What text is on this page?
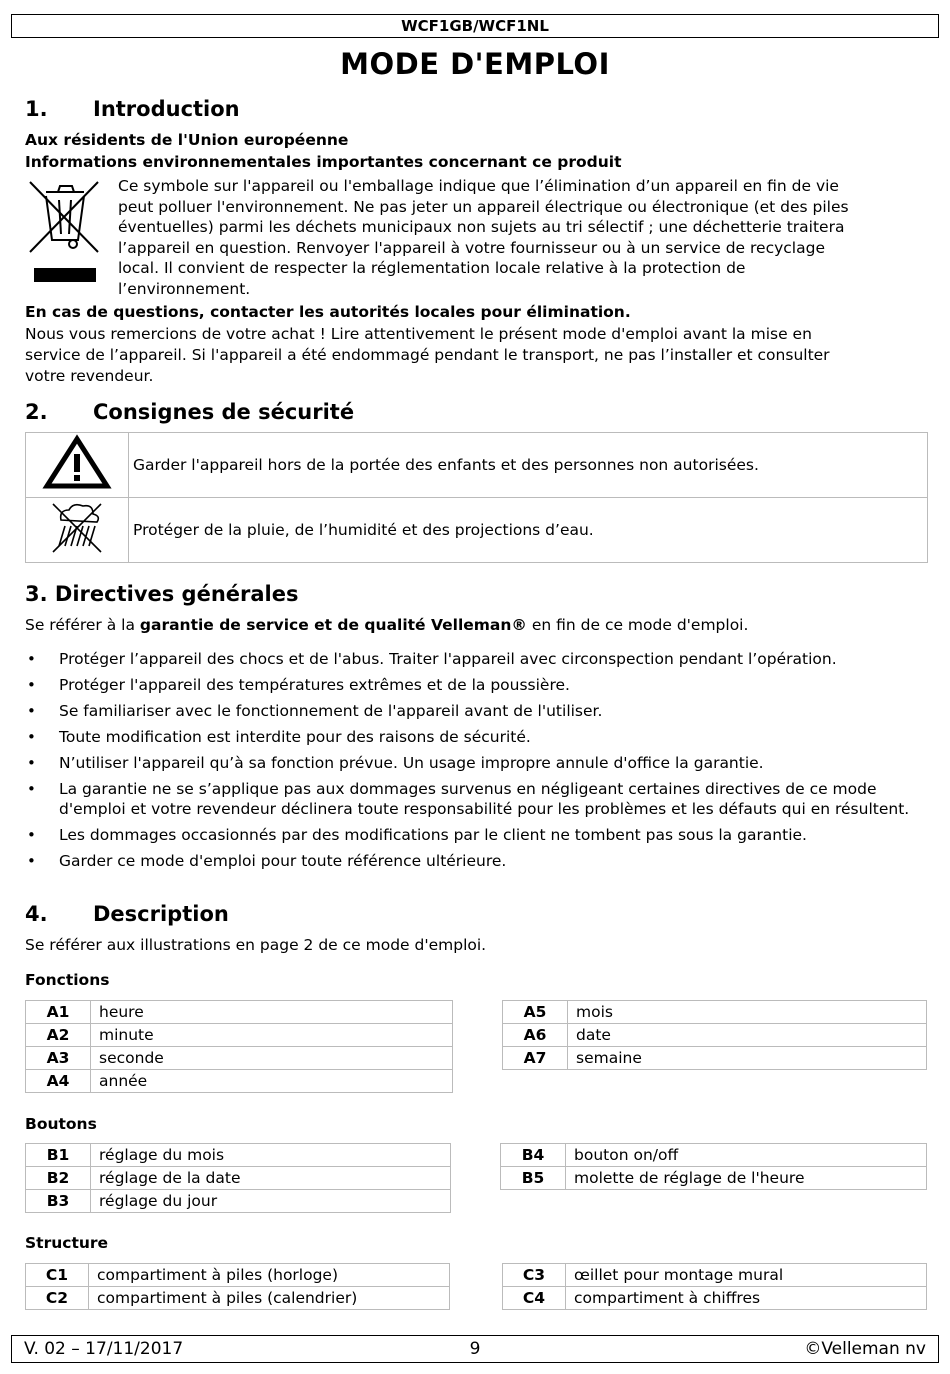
WCF1GB/WCF1NL
MODE D'EMPLOI
1. Introduction
Aux résidents de l'Union européenne
Informations environnementales importantes concernant ce produit
Ce symbole sur l'appareil ou l'emballage indique que l’élimination d’un appareil en fin de vie
peut polluer l'environnement. Ne pas jeter un appareil électrique ou électronique (et des piles
éventuelles) parmi les déchets municipaux non sujets au tri sélectif ; une déchetterie traitera
l’appareil en question. Renvoyer l'appareil à votre fournisseur ou à un service de recyclage
local. Il convient de respecter la réglementation locale relative à la protection de
l’environnement.
En cas de questions, contacter les autorités locales pour élimination.
Nous vous remercions de votre achat ! Lire attentivement le présent mode d'emploi avant la mise en
service de l’appareil. Si l'appareil a été endommagé pendant le transport, ne pas l’installer et consulter
votre revendeur.
2. Consignes de sécurité
	Garder l'appareil hors de la portée des enfants et des personnes non autorisées.
	Protéger de la pluie, de l’humidité et des projections d’eau.
3. Directives générales
Se référer à la garantie de service et de qualité Velleman® en fin de ce mode d'emploi.
• Protéger l’appareil des chocs et de l'abus. Traiter l'appareil avec circonspection pendant l’opération.
• Protéger l'appareil des températures extrêmes et de la poussière.
• Se familiariser avec le fonctionnement de l'appareil avant de l'utiliser.
• Toute modification est interdite pour des raisons de sécurité.
• N’utiliser l'appareil qu’à sa fonction prévue. Un usage impropre annule d'office la garantie.
• La garantie ne se s’applique pas aux dommages survenus en négligeant certaines directives de ce mode d'emploi et votre revendeur déclinera toute responsabilité pour les problèmes et les défauts qui en résultent.
• Les dommages occasionnés par des modifications par le client ne tombent pas sous la garantie.
• Garder ce mode d'emploi pour toute référence ultérieure.
4. Description
Se référer aux illustrations en page 2 de ce mode d'emploi.
Fonctions
A1	heure
A2	minute
A3	seconde
A4	année
A5	mois
A6	date
A7	semaine
Boutons
B1	réglage du mois
B2	réglage de la date
B3	réglage du jour
B4	bouton on/off
B5	molette de réglage de l'heure
Structure
C1	compartiment à piles (horloge)
C2	compartiment à piles (calendrier)
C3	œillet pour montage mural
C4	compartiment à chiffres
V. 02 – 17/11/2017	9	©Velleman nv
